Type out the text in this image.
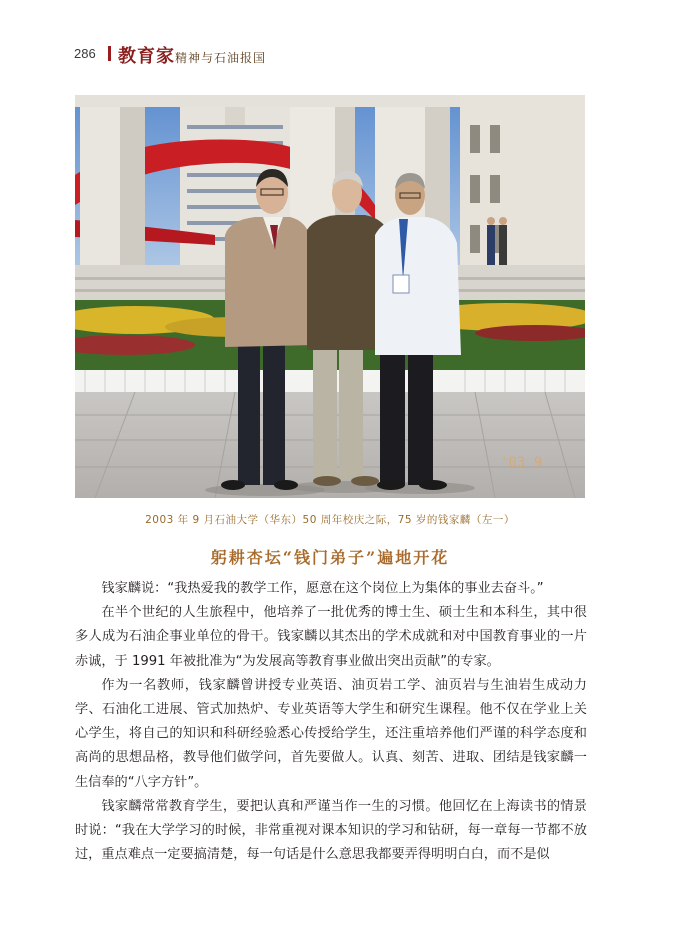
286 教育家精神与石油报国
'03 9
2003 年 9 月石油大学（华东）50 周年校庆之际，75 岁的钱家麟（左一）
躬耕杏坛“钱门弟子”遍地开花

钱家麟说：“我热爱我的教学工作，愿意在这个岗位上为集体的事业去奋斗。”

在半个世纪的人生旅程中，他培养了一批优秀的博士生、硕士生和本科生，其中很多人成为石油企事业单位的骨干。钱家麟以其杰出的学术成就和对中国教育事业的一片赤诚，于 1991 年被批准为“为发展高等教育事业做出突出贡献”的专家。

作为一名教师，钱家麟曾讲授专业英语、油页岩工学、油页岩与生油岩生成动力学、石油化工进展、管式加热炉、专业英语等大学生和研究生课程。他不仅在学业上关心学生，将自己的知识和科研经验悉心传授给学生，还注重培养他们严谨的科学态度和高尚的思想品格，教导他们做学问，首先要做人。认真、刻苦、进取、团结是钱家麟一生信奉的“八字方针”。

钱家麟常常教育学生，要把认真和严谨当作一生的习惯。他回忆在上海读书的情景时说：“我在大学学习的时候，非常重视对课本知识的学习和钻研，每一章每一节都不放过，重点难点一定要搞清楚，每一句话是什么意思我都要弄得明明白白，而不是似
